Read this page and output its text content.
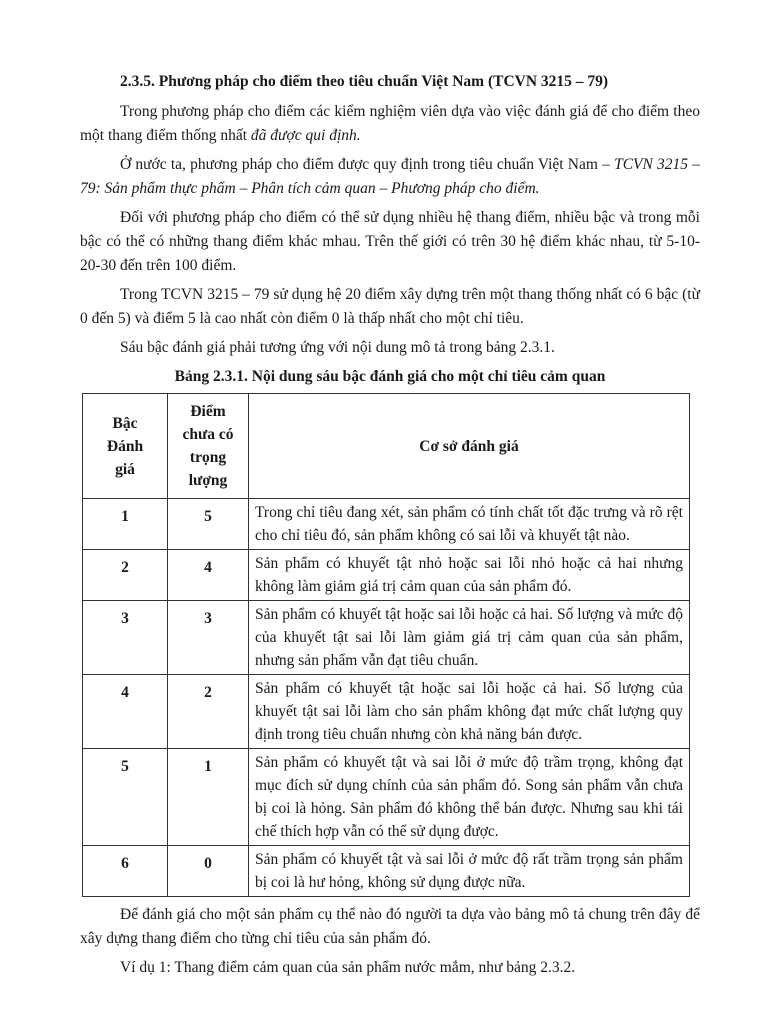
2.3.5. Phương pháp cho điểm theo tiêu chuẩn Việt Nam (TCVN 3215 – 79)

Trong phương pháp cho điểm các kiểm nghiệm viên dựa vào việc đánh giá để cho điểm theo một thang điểm thống nhất đã được qui định.

Ở nước ta, phương pháp cho điểm được quy định trong tiêu chuẩn Việt Nam – TCVN 3215 – 79: Sản phẩm thực phẩm – Phân tích cảm quan – Phương pháp cho điểm.

Đối với phương pháp cho điểm có thể sử dụng nhiều hệ thang điểm, nhiều bậc và trong mỗi bậc có thể có những thang điểm khác mhau. Trên thế giới có trên 30 hệ điểm khác nhau, từ 5-10-20-30 đến trên 100 điểm.

Trong TCVN 3215 – 79 sử dụng hệ 20 điểm xây dựng trên một thang thống nhất có 6 bậc (từ 0 đến 5) và điểm 5 là cao nhất còn điểm 0 là thấp nhất cho một chỉ tiêu.

Sáu bậc đánh giá phải tương ứng với nội dung mô tả trong bảng 2.3.1.

Bảng 2.3.1. Nội dung sáu bậc đánh giá cho một chỉ tiêu cảm quan
Bậc
Đánh
giá	Điểm
chưa có
trọng
lượng	Cơ sở đánh giá
1	5	Trong chỉ tiêu đang xét, sản phẩm có tính chất tốt đặc trưng và rõ rệt cho chỉ tiêu đó, sản phẩm không có sai lỗi và khuyết tật nào.
2	4	Sản phẩm có khuyết tật nhỏ hoặc sai lỗi nhỏ hoặc cả hai nhưng không làm giảm giá trị cảm quan của sản phẩm đó.
3	3	Sản phẩm có khuyết tật hoặc sai lỗi hoặc cả hai. Số lượng và mức độ của khuyết tật sai lỗi làm giảm giá trị cảm quan của sản phẩm, nhưng sản phẩm vẫn đạt tiêu chuẩn.
4	2	Sản phẩm có khuyết tật hoặc sai lỗi hoặc cả hai. Số lượng của khuyết tật sai lỗi làm cho sản phẩm không đạt mức chất lượng quy định trong tiêu chuẩn nhưng còn khả năng bán được.
5	1	Sản phẩm có khuyết tật và sai lỗi ở mức độ trầm trọng, không đạt mục đích sử dụng chính của sản phẩm đó. Song sản phẩm vẫn chưa bị coi là hỏng. Sản phẩm đó không thể bán được. Nhưng sau khi tái chế thích hợp vẫn có thể sử dụng được.
6	0	Sản phẩm có khuyết tật và sai lỗi ở mức độ rất trầm trọng sản phẩm bị coi là hư hỏng, không sử dụng được nữa.

Để đánh giá cho một sản phẩm cụ thể nào đó người ta dựa vào bảng mô tả chung trên đây để xây dựng thang điểm cho từng chỉ tiêu của sản phẩm đó.

Ví dụ 1: Thang điểm cảm quan của sản phẩm nước mắm, như bảng 2.3.2.
